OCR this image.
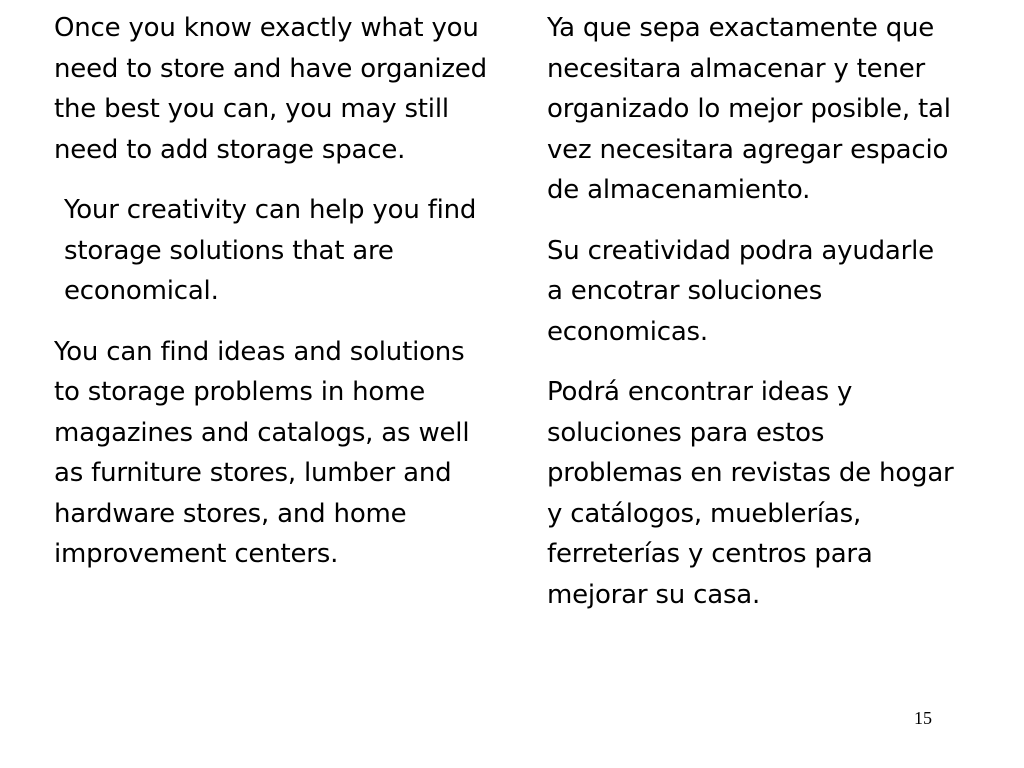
Once you know exactly what you need to store and have organized the best you can, you may still need to add storage space.

Your creativity can help you find storage solutions that are economical.

You can find ideas and solutions to storage problems in home magazines and catalogs, as well as furniture stores, lumber and hardware stores, and home improvement centers.

Ya que sepa exactamente que necesitara almacenar y tener organizado lo mejor posible, tal vez necesitara agregar espacio de almacenamiento.

Su creatividad podra ayudarle a encotrar soluciones economicas.

Podrá encontrar ideas y soluciones para estos problemas en revistas de hogar y catálogos, mueblerías, ferreterías y centros para mejorar su casa.

15
